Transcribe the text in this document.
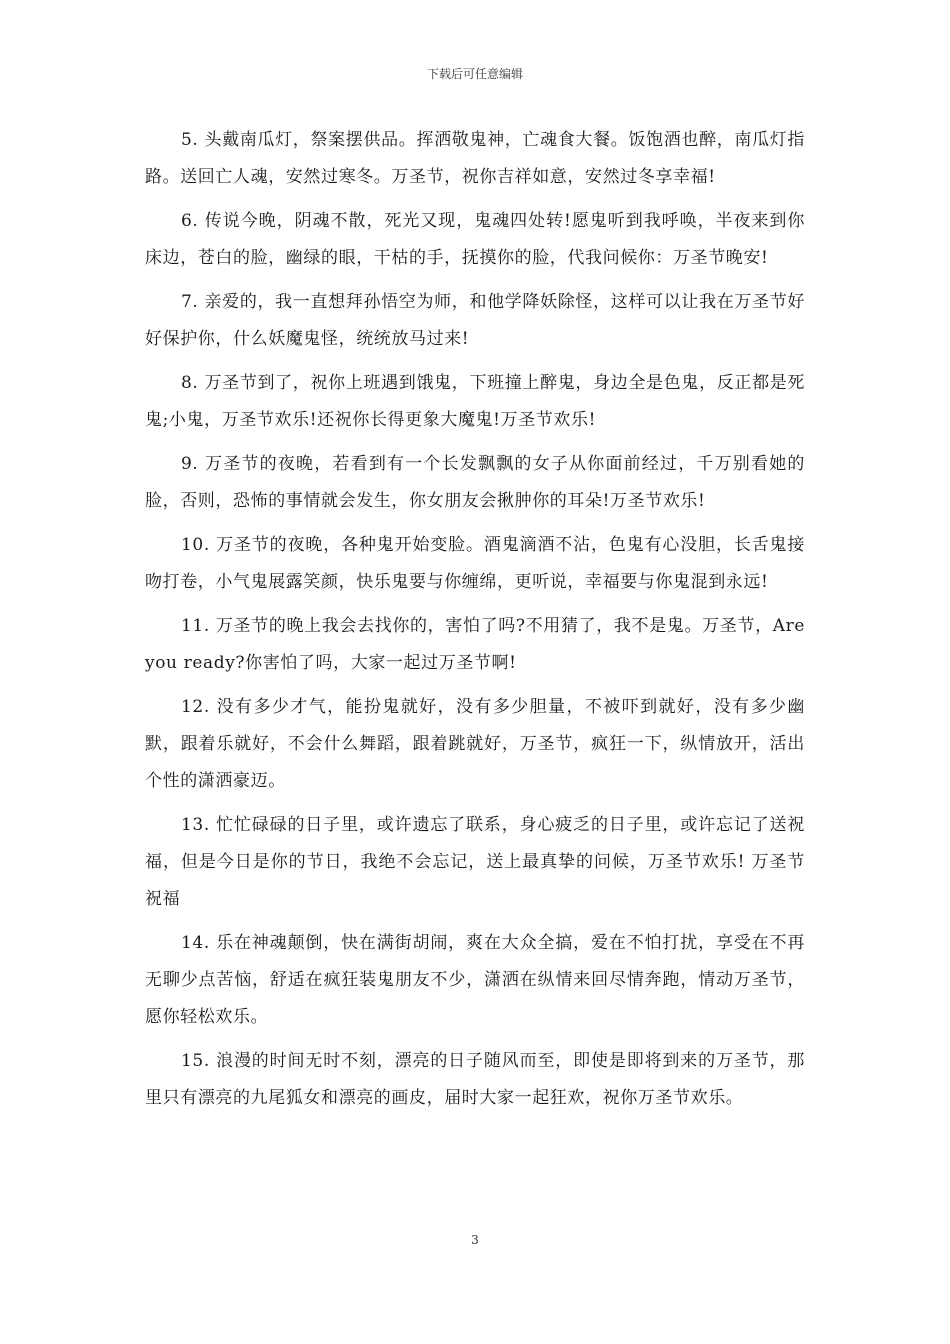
下载后可任意编辑

5. 头戴南瓜灯，祭案摆供品。挥洒敬鬼神，亡魂食大餐。饭饱酒也醉，南瓜灯指路。送回亡人魂，安然过寒冬。万圣节，祝你吉祥如意，安然过冬享幸福!

6. 传说今晚，阴魂不散，死光又现，鬼魂四处转!愿鬼听到我呼唤，半夜来到你床边，苍白的脸，幽绿的眼，干枯的手，抚摸你的脸，代我问候你：万圣节晚安!

7. 亲爱的，我一直想拜孙悟空为师，和他学降妖除怪，这样可以让我在万圣节好好保护你，什么妖魔鬼怪，统统放马过来!

8. 万圣节到了，祝你上班遇到饿鬼，下班撞上醉鬼，身边全是色鬼，反正都是死鬼;小鬼，万圣节欢乐!还祝你长得更象大魔鬼!万圣节欢乐!

9. 万圣节的夜晚，若看到有一个长发飘飘的女子从你面前经过，千万别看她的脸，否则，恐怖的事情就会发生，你女朋友会揪肿你的耳朵!万圣节欢乐!

10. 万圣节的夜晚，各种鬼开始变脸。酒鬼滴酒不沾，色鬼有心没胆，长舌鬼接吻打卷，小气鬼展露笑颜，快乐鬼要与你缠绵，更听说，幸福要与你鬼混到永远!

11. 万圣节的晚上我会去找你的，害怕了吗?不用猜了，我不是鬼。万圣节，Are you ready?你害怕了吗，大家一起过万圣节啊!

12. 没有多少才气，能扮鬼就好，没有多少胆量，不被吓到就好，没有多少幽默，跟着乐就好，不会什么舞蹈，跟着跳就好，万圣节，疯狂一下，纵情放开，活出个性的潇洒豪迈。

13. 忙忙碌碌的日子里，或许遗忘了联系，身心疲乏的日子里，或许忘记了送祝福，但是今日是你的节日，我绝不会忘记，送上最真挚的问候，万圣节欢乐! 万圣节祝福

14. 乐在神魂颠倒，快在满街胡闹，爽在大众全搞，爱在不怕打扰，享受在不再无聊少点苦恼，舒适在疯狂装鬼朋友不少，潇洒在纵情来回尽情奔跑，情动万圣节，愿你轻松欢乐。

15. 浪漫的时间无时不刻，漂亮的日子随风而至，即使是即将到来的万圣节，那里只有漂亮的九尾狐女和漂亮的画皮，届时大家一起狂欢，祝你万圣节欢乐。

3
